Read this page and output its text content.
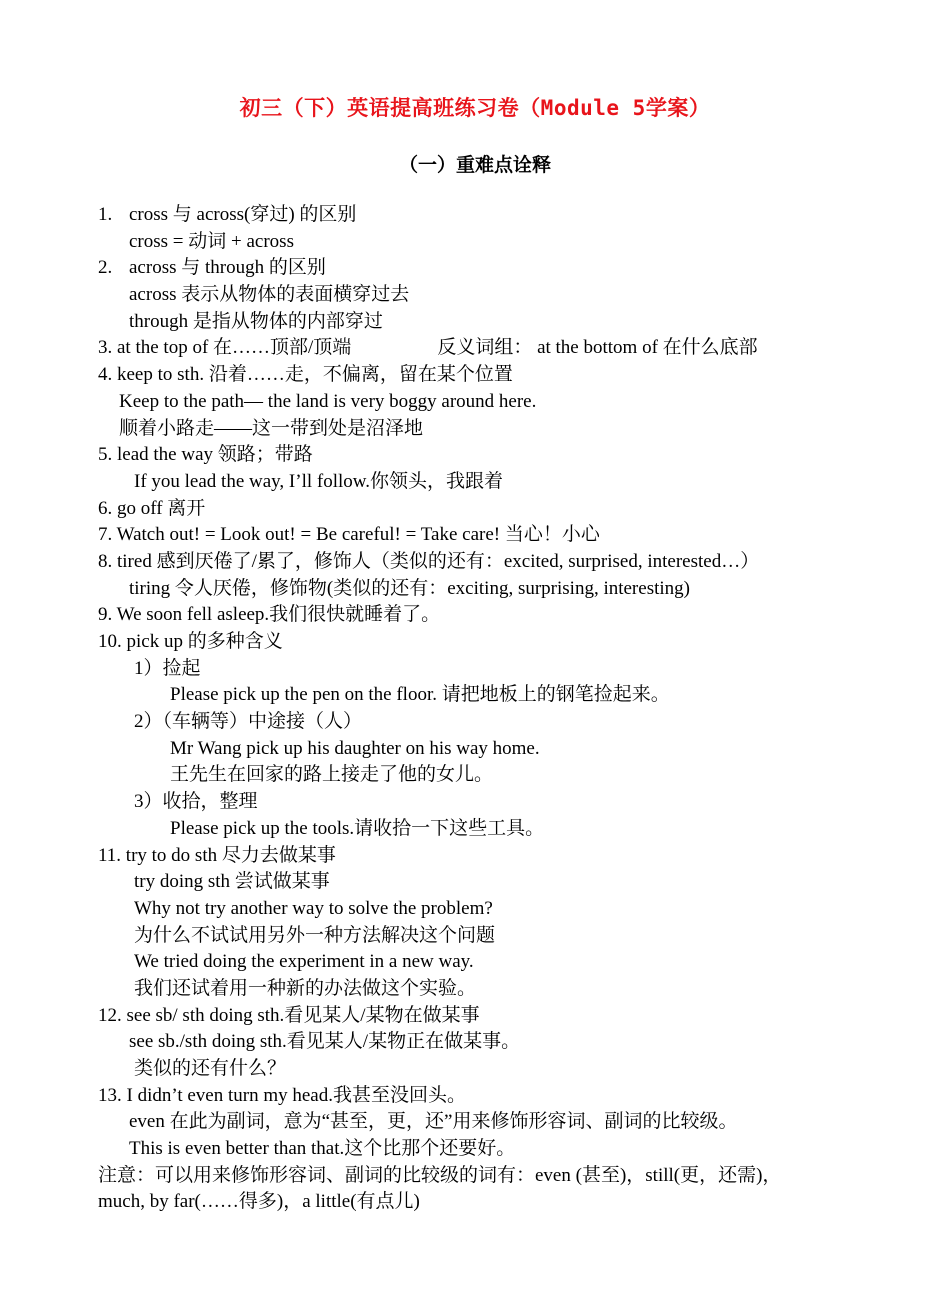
初三（下）英语提高班练习卷（Module 5学案）
（一）重难点诠释
1. cross 与 across(穿过) 的区别
cross = 动词 + across
2. across 与 through 的区别
across 表示从物体的表面横穿过去
through 是指从物体的内部穿过
3. at the top of 在……顶部/顶端	反义词组： at the bottom of 在什么底部
4. keep to sth. 沿着……走，不偏离，留在某个位置
Keep to the path— the land is very boggy around here.
顺着小路走——这一带到处是沼泽地
5. lead the way 领路；带路
If you lead the way, I’ll follow.你领头，我跟着
6. go off 离开
7. Watch out! = Look out! = Be careful! = Take care! 当心！小心
8. tired 感到厌倦了/累了，修饰人（类似的还有：excited, surprised, interested…）
tiring 令人厌倦，修饰物(类似的还有：exciting, surprising, interesting)
9. We soon fell asleep.我们很快就睡着了。
10. pick up 的多种含义
1）捡起
Please pick up the pen on the floor. 请把地板上的钢笔捡起来。
2）（车辆等）中途接（人）
Mr Wang pick up his daughter on his way home.
王先生在回家的路上接走了他的女儿。
3）收拾，整理
Please pick up the tools.请收拾一下这些工具。
11. try to do sth 尽力去做某事
try doing sth 尝试做某事
Why not try another way to solve the problem?
为什么不试试用另外一种方法解决这个问题
We tried doing the experiment in a new way.
我们还试着用一种新的办法做这个实验。
12. see sb/ sth doing sth.看见某人/某物在做某事
see sb./sth doing sth.看见某人/某物正在做某事。
类似的还有什么？
13. I didn’t even turn my head.我甚至没回头。
even 在此为副词，意为“甚至，更，还”用来修饰形容词、副词的比较级。
This is even better than that.这个比那个还要好。
注意：可以用来修饰形容词、副词的比较级的词有：even (甚至)，still(更，还需)，
much, by far(……得多)，a little(有点儿)
